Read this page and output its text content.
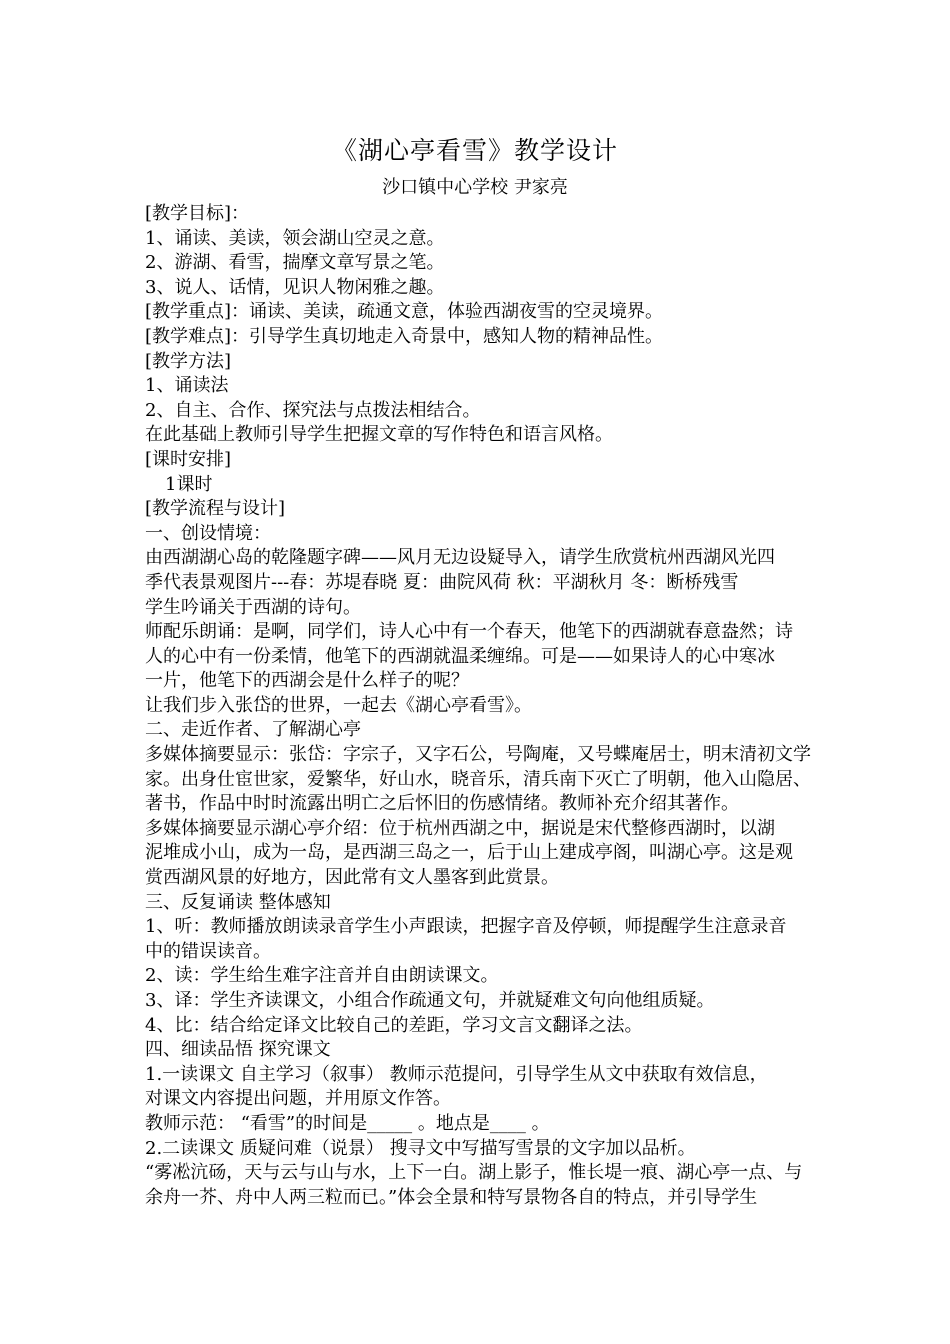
《湖心亭看雪》教学设计
沙口镇中心学校 尹家亮
[教学目标]：
1、诵读、美读，领会湖山空灵之意。
2、游湖、看雪，揣摩文章写景之笔。
3、说人、话情，见识人物闲雅之趣。
[教学重点]：诵读、美读，疏通文意，体验西湖夜雪的空灵境界。
[教学难点]：引导学生真切地走入奇景中，感知人物的精神品性。
[教学方法]
1、诵读法
2、自主、合作、探究法与点拨法相结合。
在此基础上教师引导学生把握文章的写作特色和语言风格。
[课时安排]
1课时
[教学流程与设计]
一、创设情境：
由西湖湖心岛的乾隆题字碑——风月无边设疑导入，请学生欣赏杭州西湖风光四
季代表景观图片---春：苏堤春晓 夏：曲院风荷 秋：平湖秋月 冬：断桥残雪
学生吟诵关于西湖的诗句。
师配乐朗诵：是啊，同学们，诗人心中有一个春天，他笔下的西湖就春意盎然；诗
人的心中有一份柔情，他笔下的西湖就温柔缠绵。可是——如果诗人的心中寒冰
一片，他笔下的西湖会是什么样子的呢？
让我们步入张岱的世界，一起去《湖心亭看雪》。
二、走近作者、了解湖心亭
多媒体摘要显示：张岱：字宗子，又字石公，号陶庵，又号蝶庵居士，明末清初文学
家。出身仕宦世家，爱繁华，好山水，晓音乐，清兵南下灭亡了明朝，他入山隐居、
著书，作品中时时流露出明亡之后怀旧的伤感情绪。教师补充介绍其著作。
多媒体摘要显示湖心亭介绍：位于杭州西湖之中，据说是宋代整修西湖时，以湖
泥堆成小山，成为一岛，是西湖三岛之一，后于山上建成亭阁，叫湖心亭。这是观
赏西湖风景的好地方，因此常有文人墨客到此赏景。
三、反复诵读 整体感知
1、听：教师播放朗读录音学生小声跟读，把握字音及停顿，师提醒学生注意录音
中的错误读音。
2、读：学生给生难字注音并自由朗读课文。
3、译：学生齐读课文，小组合作疏通文句，并就疑难文句向他组质疑。
4、比：结合给定译文比较自己的差距，学习文言文翻译之法。
四、细读品悟 探究课文
1.一读课文 自主学习（叙事） 教师示范提问，引导学生从文中获取有效信息，
对课文内容提出问题，并用原文作答。
教师示范： “看雪”的时间是_____ 。地点是____ 。
2.二读课文 质疑问难（说景） 搜寻文中写描写雪景的文字加以品析。
“雾凇沆砀，天与云与山与水，上下一白。湖上影子，惟长堤一痕、湖心亭一点、与
余舟一芥、舟中人两三粒而已。”体会全景和特写景物各自的特点，并引导学生
